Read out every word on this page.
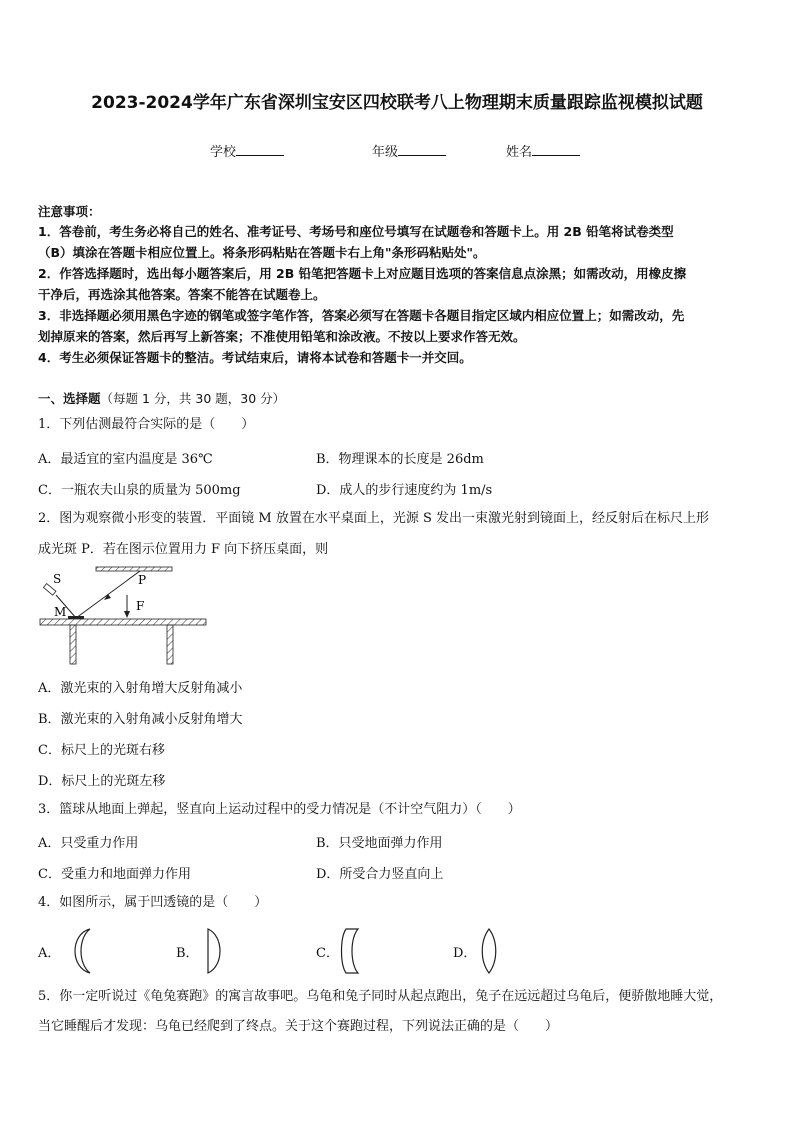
2023-2024学年广东省深圳宝安区四校联考八上物理期末质量跟踪监视模拟试题
学校	年级	姓名
注意事项：
1．答卷前，考生务必将自己的姓名、准考证号、考场号和座位号填写在试题卷和答题卡上。用 2B 铅笔将试卷类型
（B）填涂在答题卡相应位置上。将条形码粘贴在答题卡右上角"条形码粘贴处"。
2．作答选择题时，选出每小题答案后，用 2B 铅笔把答题卡上对应题目选项的答案信息点涂黑；如需改动，用橡皮擦
干净后，再选涂其他答案。答案不能答在试题卷上。
3．非选择题必须用黑色字迹的钢笔或签字笔作答，答案必须写在答题卡各题目指定区域内相应位置上；如需改动，先
划掉原来的答案，然后再写上新答案；不准使用铅笔和涂改液。不按以上要求作答无效。
4．考生必须保证答题卡的整洁。考试结束后，请将本试卷和答题卡一并交回。
一、选择题（每题 1 分，共 30 题，30 分）
1．下列估测最符合实际的是（　　）
A．最适宜的室内温度是 36℃	B．物理课本的长度是 26dm
C．一瓶农夫山泉的质量为 500mg	D．成人的步行速度约为 1m/s
2．图为观察微小形变的装置．平面镜 M 放置在水平桌面上，光源 S 发出一束激光射到镜面上，经反射后在标尺上形
成光斑 P．若在图示位置用力 F 向下挤压桌面，则
S	P
M	F
A．激光束的入射角增大反射角减小
B．激光束的入射角减小反射角增大
C．标尺上的光斑右移
D．标尺上的光斑左移
3．篮球从地面上弹起，竖直向上运动过程中的受力情况是（不计空气阻力）（　　）
A．只受重力作用	B．只受地面弹力作用
C．受重力和地面弹力作用	D．所受合力竖直向上
4．如图所示，属于凹透镜的是（　　）
A．	B．	C．	D．
5．你一定听说过《龟兔赛跑》的寓言故事吧。乌龟和兔子同时从起点跑出，兔子在远远超过乌龟后，便骄傲地睡大觉，
当它睡醒后才发现：乌龟已经爬到了终点。关于这个赛跑过程，下列说法正确的是（　　）
